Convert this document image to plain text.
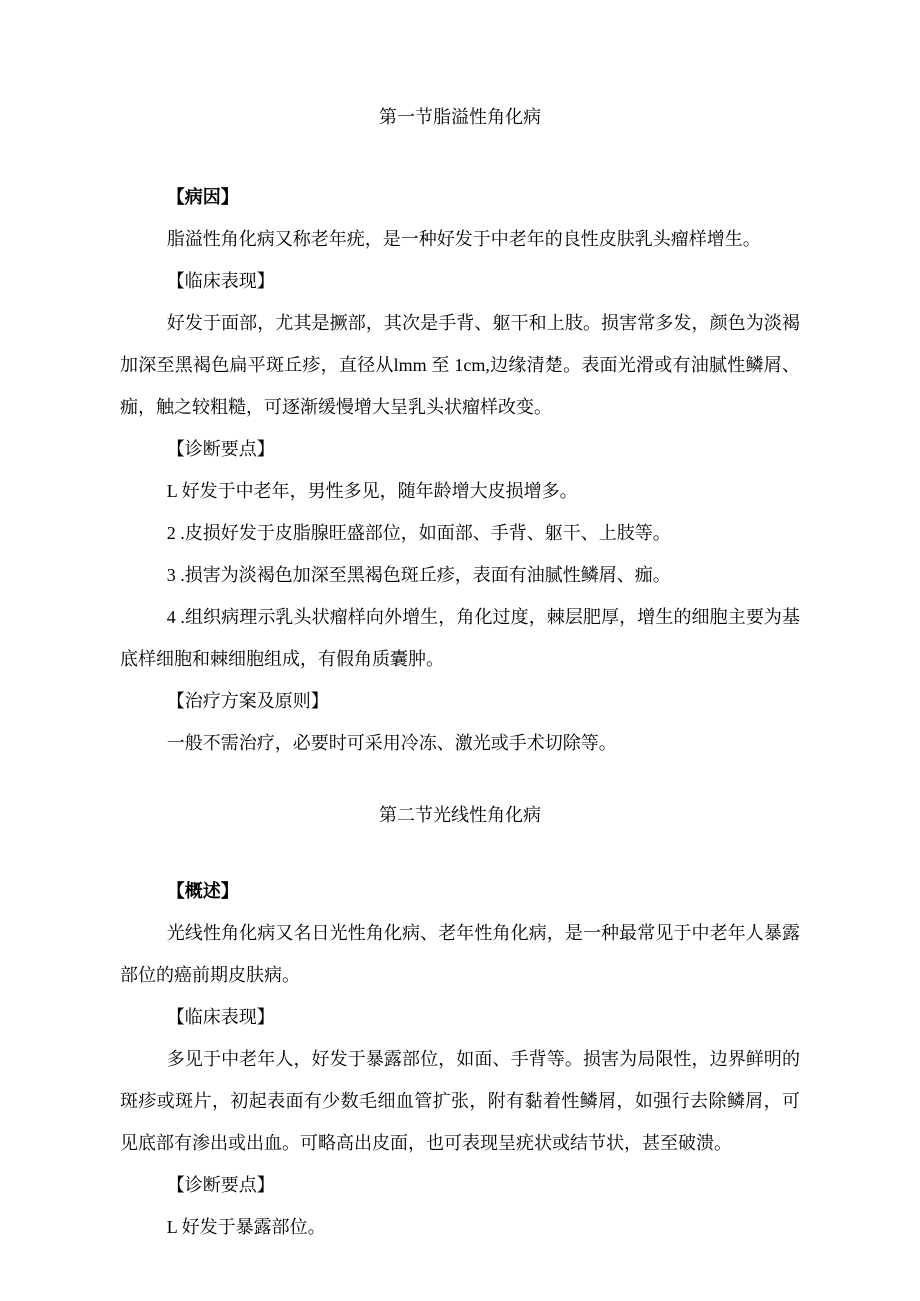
第一节脂溢性角化病

【病因】

脂溢性角化病又称老年疣，是一种好发于中老年的良性皮肤乳头瘤样增生。

【临床表现】

好发于面部，尤其是撅部，其次是手背、躯干和上肢。损害常多发，颜色为淡褐加深至黑褐色扁平斑丘疹，直径从lmm 至 1cm,边缘清楚。表面光滑或有油腻性鳞屑、痂，触之较粗糙，可逐渐缓慢增大呈乳头状瘤样改变。

【诊断要点】

L 好发于中老年，男性多见，随年龄增大皮损增多。

2 .皮损好发于皮脂腺旺盛部位，如面部、手背、躯干、上肢等。

3 .损害为淡褐色加深至黑褐色斑丘疹，表面有油腻性鳞屑、痂。

4 .组织病理示乳头状瘤样向外增生，角化过度，棘层肥厚，增生的细胞主要为基底样细胞和棘细胞组成，有假角质囊肿。

【治疗方案及原则】

一般不需治疗，必要时可采用冷冻、激光或手术切除等。

第二节光线性角化病

【概述】

光线性角化病又名日光性角化病、老年性角化病，是一种最常见于中老年人暴露部位的癌前期皮肤病。

【临床表现】

多见于中老年人，好发于暴露部位，如面、手背等。损害为局限性，边界鲜明的斑疹或斑片，初起表面有少数毛细血管扩张，附有黏着性鳞屑，如强行去除鳞屑，可见底部有渗出或出血。可略高出皮面，也可表现呈疣状或结节状，甚至破溃。

【诊断要点】

L 好发于暴露部位。
